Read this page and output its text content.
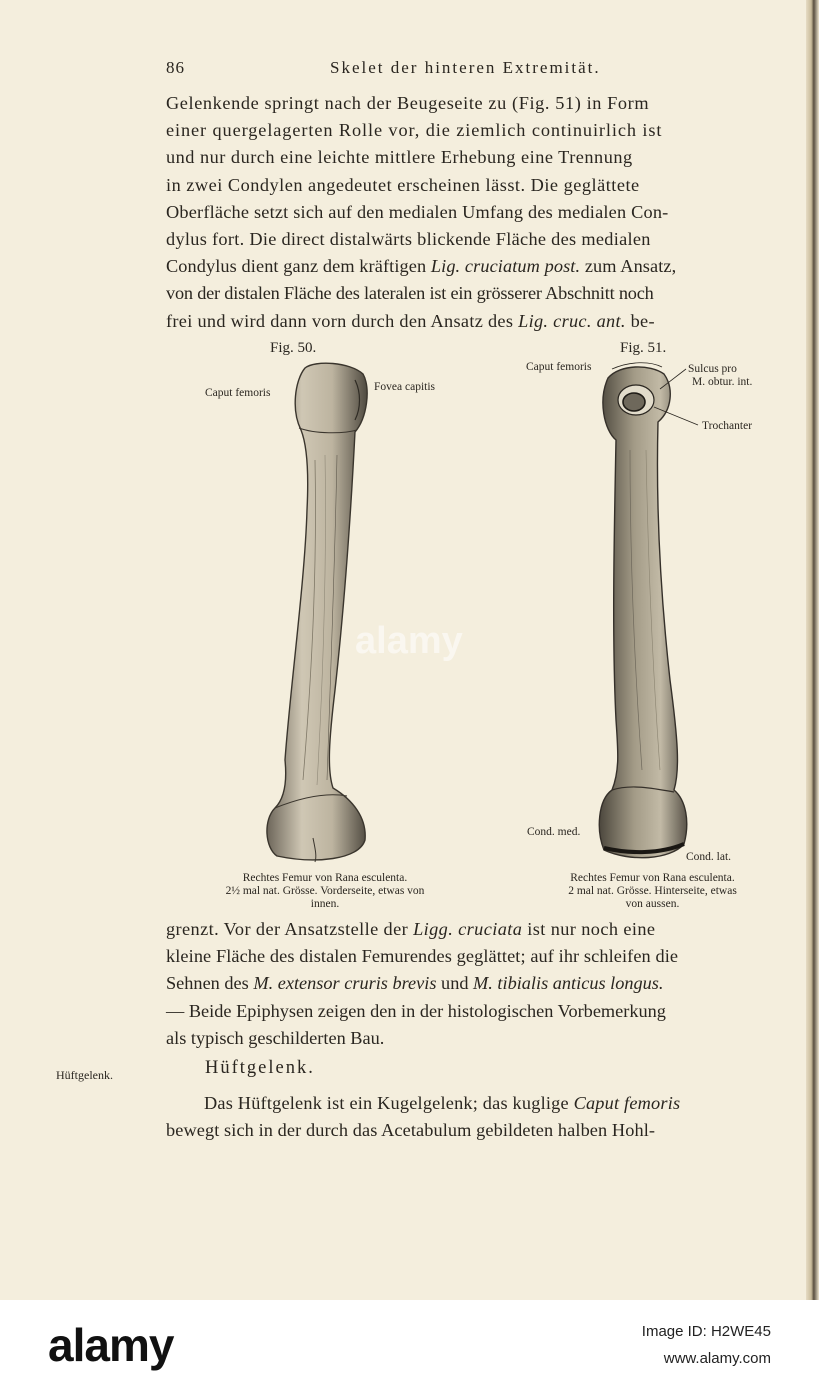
86	Skelet der hinteren Extremität.
Gelenkende springt nach der Beugeseite zu (Fig. 51) in Form
einer quergelagerten Rolle vor, die ziemlich continuirlich ist
und nur durch eine leichte mittlere Erhebung eine Trennung
in zwei Condylen angedeutet erscheinen lässt. Die geglättete
Oberfläche setzt sich auf den medialen Umfang des medialen Con-
dylus fort. Die direct distalwärts blickende Fläche des medialen
Condylus dient ganz dem kräftigen Lig. cruciatum post. zum Ansatz,
von der distalen Fläche des lateralen ist ein grösserer Abschnitt noch
frei und wird dann vorn durch den Ansatz des Lig. cruc. ant. be-
Fig. 50.	Fig. 51.
Caput femoris	Fovea capitis
Rechtes Femur von Rana esculenta.
2½ mal nat. Grösse. Vorderseite, etwas von
innen.
Caput femoris	Sulcus pro
M. obtur. int.
Trochanter
Cond. med.
Cond. lat.
Rechtes Femur von Rana esculenta.
2 mal nat. Grösse. Hinterseite, etwas
von aussen.
grenzt. Vor der Ansatzstelle der Ligg. cruciata ist nur noch eine
kleine Fläche des distalen Femurendes geglättet; auf ihr schleifen die
Sehnen des M. extensor cruris brevis und M. tibialis anticus longus.
— Beide Epiphysen zeigen den in der histologischen Vorbemerkung
als typisch geschilderten Bau.
Hüftgelenk.	Hüftgelenk.
Das Hüftgelenk ist ein Kugelgelenk; das kuglige Caput femoris
bewegt sich in der durch das Acetabulum gebildeten halben Hohl-
alamy
alamy	Image ID: H2WE45
www.alamy.com
